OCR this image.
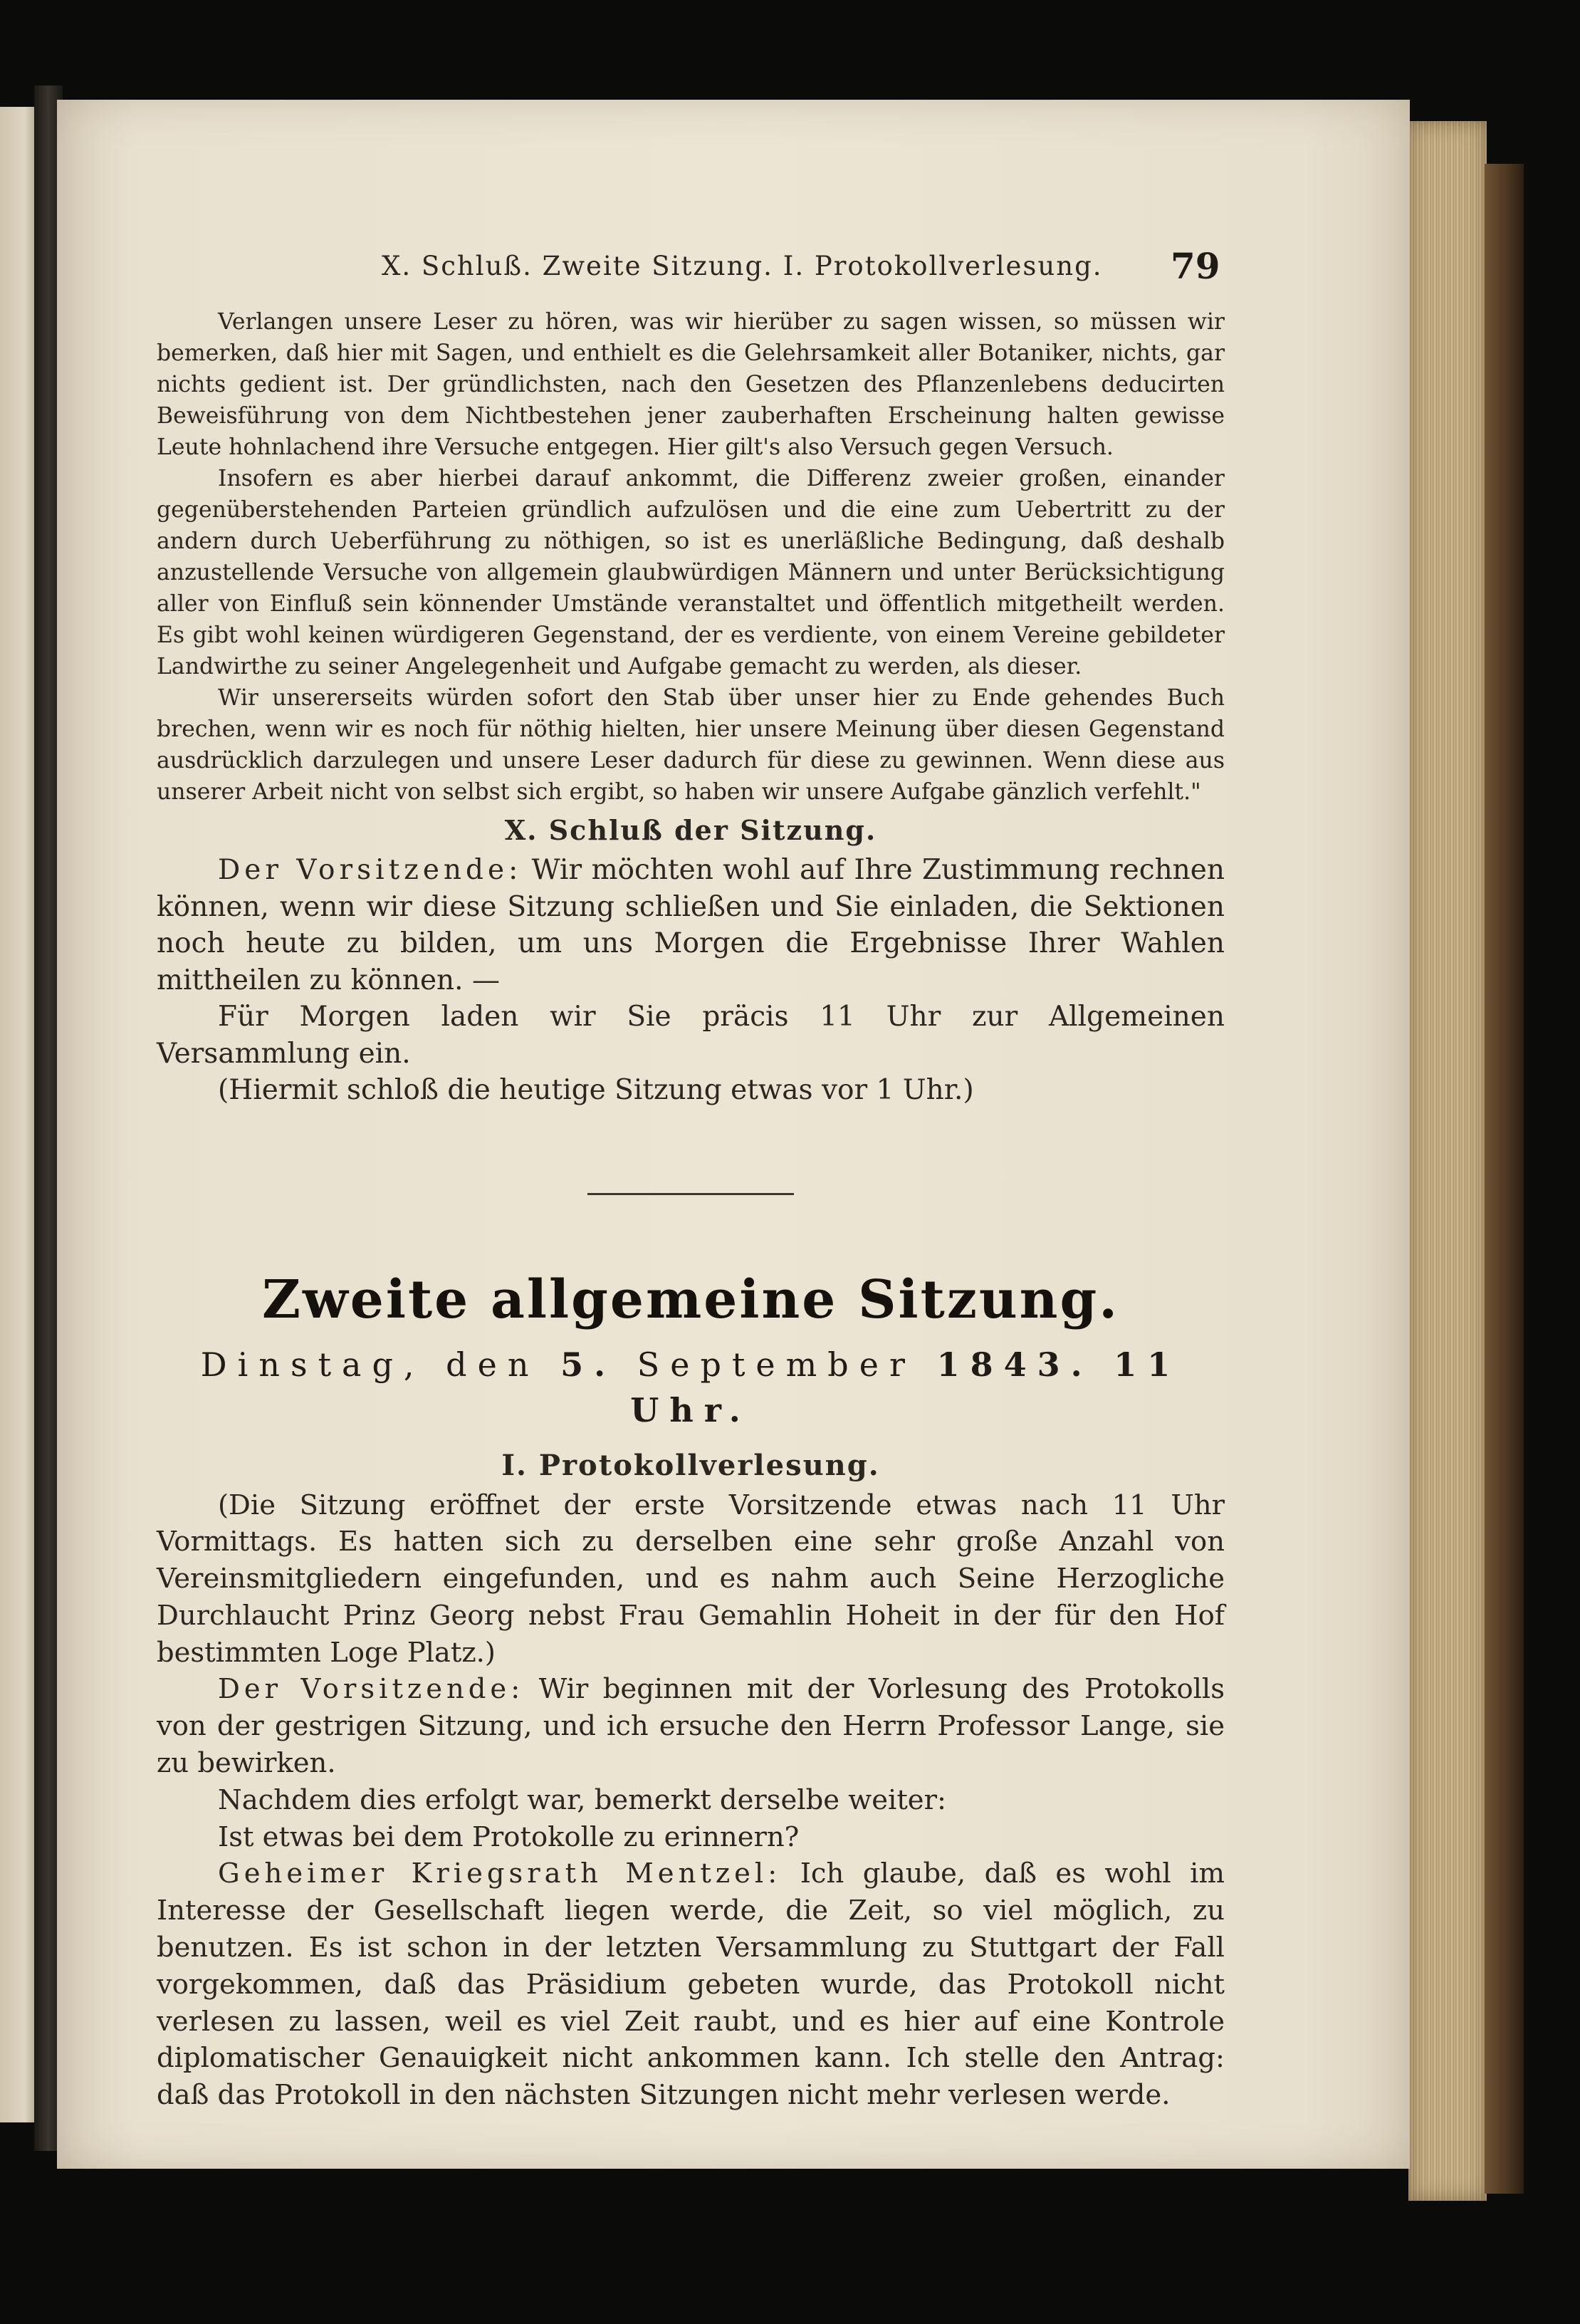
X. Schluß. Zweite Sitzung. I. Protokollverlesung. 79

Verlangen unsere Leser zu hören, was wir hierüber zu sagen wissen, so müssen wir bemerken, daß hier mit Sagen, und enthielt es die Gelehrsamkeit aller Botaniker, nichts, gar nichts gedient ist. Der gründlichsten, nach den Gesetzen des Pflanzenlebens deducirten Beweisführung von dem Nichtbestehen jener zauberhaften Erscheinung halten gewisse Leute hohnlachend ihre Versuche entgegen. Hier gilt's also Versuch gegen Versuch.

Insofern es aber hierbei darauf ankommt, die Differenz zweier großen, einander gegenüberstehenden Parteien gründlich aufzulösen und die eine zum Uebertritt zu der andern durch Ueberführung zu nöthigen, so ist es unerläßliche Bedingung, daß deshalb anzustellende Versuche von allgemein glaubwürdigen Männern und unter Berücksichtigung aller von Einfluß sein könnender Umstände veranstaltet und öffentlich mitgetheilt werden. Es gibt wohl keinen würdigeren Gegenstand, der es verdiente, von einem Vereine gebildeter Landwirthe zu seiner Angelegenheit und Aufgabe gemacht zu werden, als dieser.

Wir unsererseits würden sofort den Stab über unser hier zu Ende gehendes Buch brechen, wenn wir es noch für nöthig hielten, hier unsere Meinung über diesen Gegenstand ausdrücklich darzulegen und unsere Leser dadurch für diese zu gewinnen. Wenn diese aus unserer Arbeit nicht von selbst sich ergibt, so haben wir unsere Aufgabe gänzlich verfehlt."

X. Schluß der Sitzung.

Der Vorsitzende: Wir möchten wohl auf Ihre Zustimmung rechnen können, wenn wir diese Sitzung schließen und Sie einladen, die Sektionen noch heute zu bilden, um uns Morgen die Ergebnisse Ihrer Wahlen mittheilen zu können. —

Für Morgen laden wir Sie präcis 11 Uhr zur Allgemeinen Versammlung ein.

(Hiermit schloß die heutige Sitzung etwas vor 1 Uhr.)

Zweite allgemeine Sitzung.
Dinstag, den 5. September 1843. 11 Uhr.
I. Protokollverlesung.

(Die Sitzung eröffnet der erste Vorsitzende etwas nach 11 Uhr Vormittags. Es hatten sich zu derselben eine sehr große Anzahl von Vereinsmitgliedern eingefunden, und es nahm auch Seine Herzogliche Durchlaucht Prinz Georg nebst Frau Gemahlin Hoheit in der für den Hof bestimmten Loge Platz.)

Der Vorsitzende: Wir beginnen mit der Vorlesung des Protokolls von der gestrigen Sitzung, und ich ersuche den Herrn Professor Lange, sie zu bewirken.

Nachdem dies erfolgt war, bemerkt derselbe weiter:

Ist etwas bei dem Protokolle zu erinnern?

Geheimer Kriegsrath Mentzel: Ich glaube, daß es wohl im Interesse der Gesellschaft liegen werde, die Zeit, so viel möglich, zu benutzen. Es ist schon in der letzten Versammlung zu Stuttgart der Fall vorgekommen, daß das Präsidium gebeten wurde, das Protokoll nicht verlesen zu lassen, weil es viel Zeit raubt, und es hier auf eine Kontrole diplomatischer Genauigkeit nicht ankommen kann. Ich stelle den Antrag: daß das Protokoll in den nächsten Sitzungen nicht mehr verlesen werde.
